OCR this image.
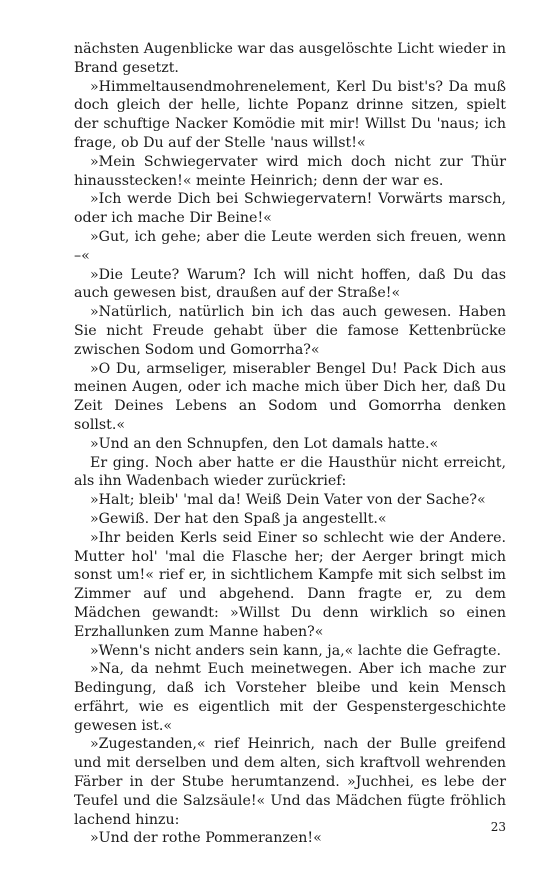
nächsten Augenblicke war das ausgelöschte Licht wieder in Brand gesetzt.

»Himmeltausendmohrenelement, Kerl Du bist's? Da muß doch gleich der helle, lichte Popanz drinne sitzen, spielt der schuftige Nacker Komödie mit mir! Willst Du 'naus; ich frage, ob Du auf der Stelle 'naus willst!«

»Mein Schwiegervater wird mich doch nicht zur Thür hinausstecken!« meinte Heinrich; denn der war es.

»Ich werde Dich bei Schwiegervatern! Vorwärts marsch, oder ich mache Dir Beine!«

»Gut, ich gehe; aber die Leute werden sich freuen, wenn –«

»Die Leute? Warum? Ich will nicht hoffen, daß Du das auch gewesen bist, draußen auf der Straße!«

»Natürlich, natürlich bin ich das auch gewesen. Haben Sie nicht Freude gehabt über die famose Kettenbrücke zwischen Sodom und Gomorrha?«

»O Du, armseliger, miserabler Bengel Du! Pack Dich aus meinen Augen, oder ich mache mich über Dich her, daß Du Zeit Deines Lebens an Sodom und Gomorrha denken sollst.«

»Und an den Schnupfen, den Lot damals hatte.«

Er ging. Noch aber hatte er die Hausthür nicht erreicht, als ihn Wadenbach wieder zurückrief:

»Halt; bleib' 'mal da! Weiß Dein Vater von der Sache?«

»Gewiß. Der hat den Spaß ja angestellt.«

»Ihr beiden Kerls seid Einer so schlecht wie der Andere. Mutter hol' 'mal die Flasche her; der Aerger bringt mich sonst um!« rief er, in sichtlichem Kampfe mit sich selbst im Zimmer auf und abgehend. Dann fragte er, zu dem Mädchen gewandt: »Willst Du denn wirklich so einen Erzhallunken zum Manne haben?«

»Wenn's nicht anders sein kann, ja,« lachte die Gefragte.

»Na, da nehmt Euch meinetwegen. Aber ich mache zur Bedingung, daß ich Vorsteher bleibe und kein Mensch erfährt, wie es eigentlich mit der Gespenstergeschichte gewesen ist.«

»Zugestanden,« rief Heinrich, nach der Bulle greifend und mit derselben und dem alten, sich kraftvoll wehrenden Färber in der Stube herumtanzend. »Juchhei, es lebe der Teufel und die Salzsäule!« Und das Mädchen fügte fröhlich lachend hinzu:

»Und der rothe Pommeranzen!«

23
